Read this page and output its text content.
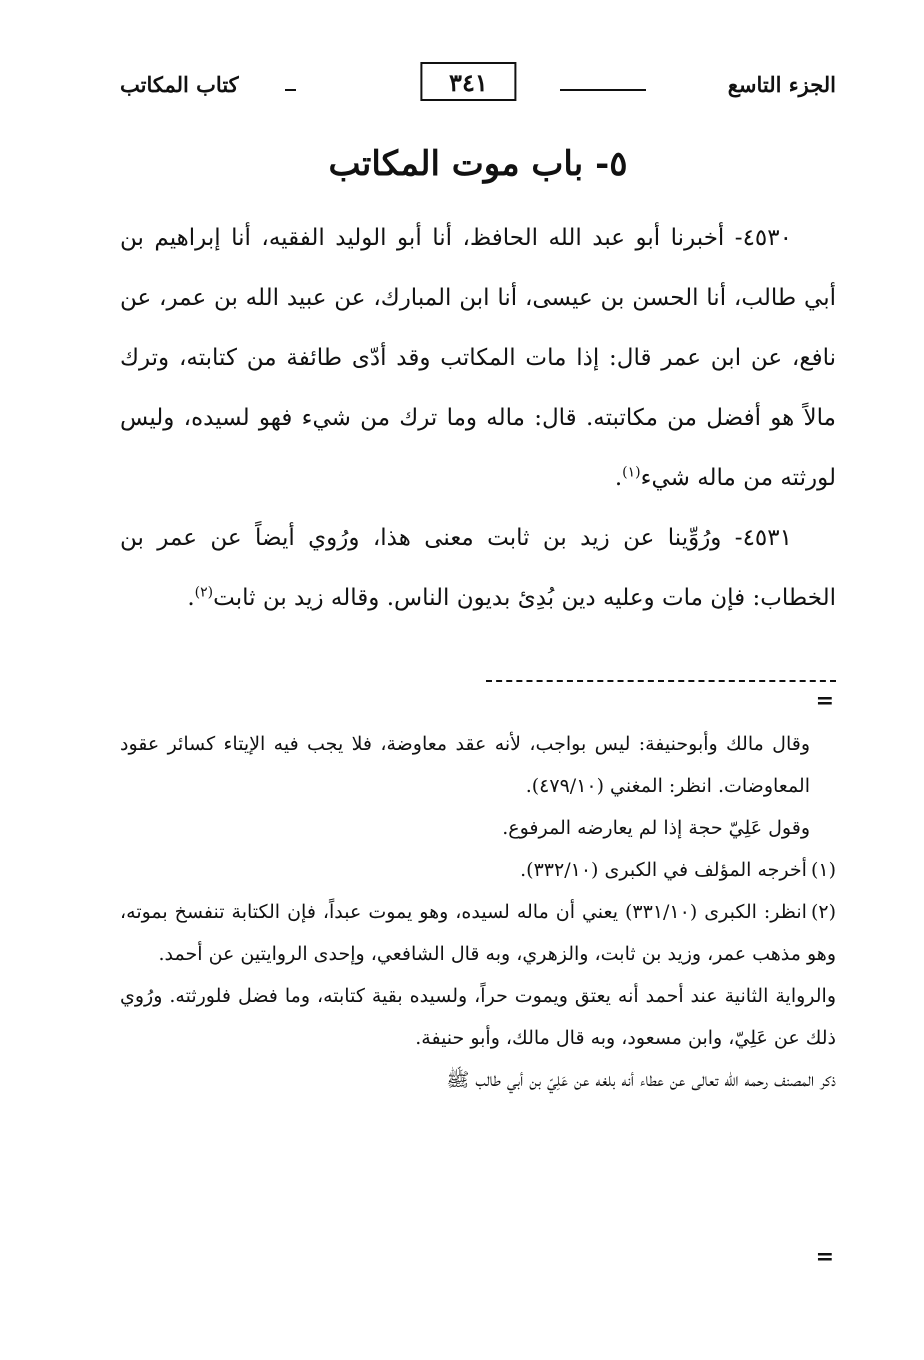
الجزء التاسع
٣٤١
كتاب المكاتب
٥- باب موت المكاتب

٤٥٣٠- أخبرنا أبو عبد الله الحافظ، أنا أبو الوليد الفقيه، أنا إبراهيم بن أبي طالب، أنا الحسن بن عيسى، أنا ابن المبارك، عن عبيد الله بن عمر، عن نافع، عن ابن عمر قال: إذا مات المكاتب وقد أدّى طائفة من كتابته، وترك مالاً هو أفضل من مكاتبته. قال: ماله وما ترك من شيء فهو لسيده، وليس لورثته من ماله شيء$^{(١)}$.

٤٥٣١- ورُوِّينا عن زيد بن ثابت معنى هذا، ورُوي أيضاً عن عمر بن الخطاب: فإن مات وعليه دين بُدِئ بديون الناس. وقاله زيد بن ثابت$^{(٢)}$.

=

وقال مالك وأبوحنيفة: ليس بواجب، لأنه عقد معاوضة، فلا يجب فيه الإيتاء كسائر عقود المعاوضات. انظر: المغني (٤٧٩/١٠).

وقول عَلِيّ حجة إذا لم يعارضه المرفوع.

(١)أخرجه المؤلف في الكبرى (٣٣٢/١٠).

(٢)انظر: الكبرى (٣٣١/١٠) يعني أن ماله لسيده، وهو يموت عبداً، فإن الكتابة تنفسخ بموته، وهو مذهب عمر، وزيد بن ثابت، والزهري، وبه قال الشافعي، وإحدى الروايتين عن أحمد.

والرواية الثانية عند أحمد أنه يعتق ويموت حراً، ولسيده بقية كتابته، وما فضل فلورثته. ورُوي ذلك عن عَلِيّ، وابن مسعود، وبه قال مالك، وأبو حنيفة.

ذكر المصنف رحمه الله تعالى عن عطاء أنه بلغه عن عَلِيّ بن أبي طالب ﷺ

=
